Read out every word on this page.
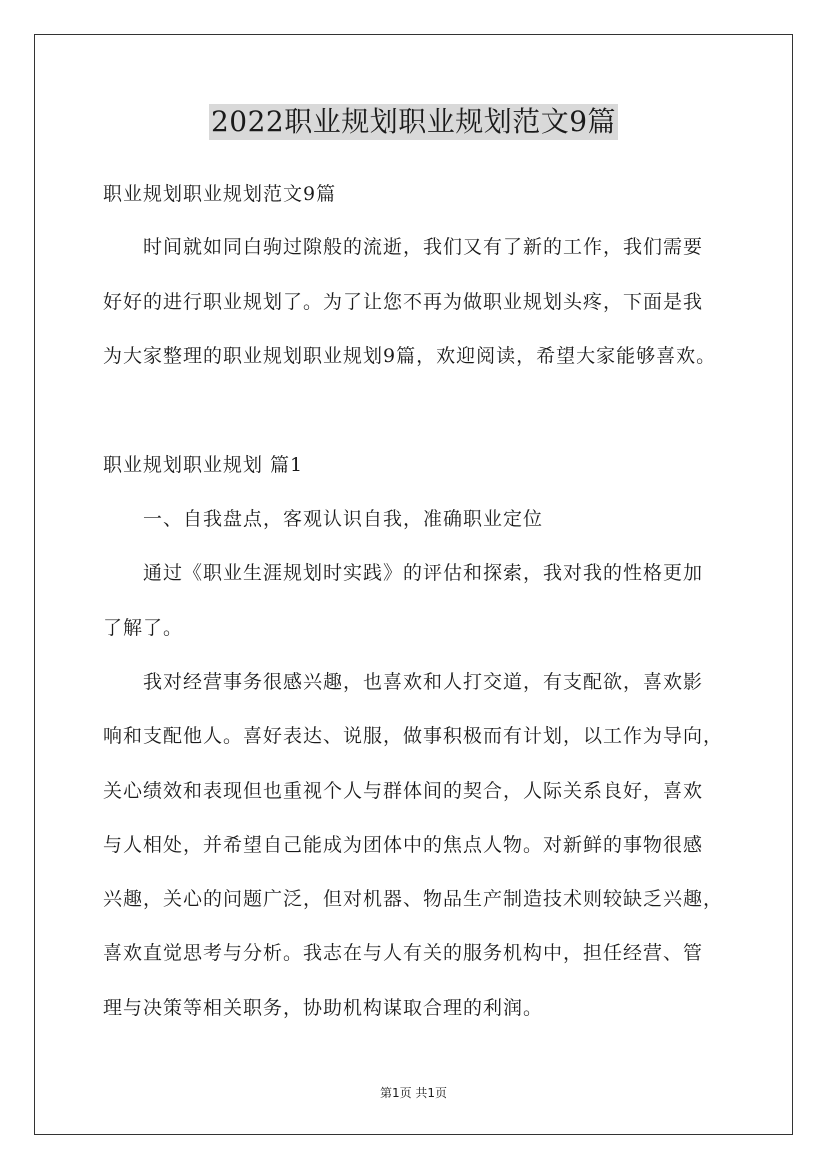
2022职业规划职业规划范文9篇
职业规划职业规划范文9篇
时间就如同白驹过隙般的流逝，我们又有了新的工作，我们需要
好好的进行职业规划了。为了让您不再为做职业规划头疼，下面是我
为大家整理的职业规划职业规划9篇，欢迎阅读，希望大家能够喜欢。
职业规划职业规划 篇1
一、自我盘点，客观认识自我，准确职业定位
通过《职业生涯规划时实践》的评估和探索，我对我的性格更加
了解了。
我对经营事务很感兴趣，也喜欢和人打交道，有支配欲，喜欢影
响和支配他人。喜好表达、说服，做事积极而有计划，以工作为导向，
关心绩效和表现但也重视个人与群体间的契合，人际关系良好，喜欢
与人相处，并希望自己能成为团体中的焦点人物。对新鲜的事物很感
兴趣，关心的问题广泛，但对机器、物品生产制造技术则较缺乏兴趣，
喜欢直觉思考与分析。我志在与人有关的服务机构中，担任经营、管
理与决策等相关职务，协助机构谋取合理的利润。
第1页 共1页
